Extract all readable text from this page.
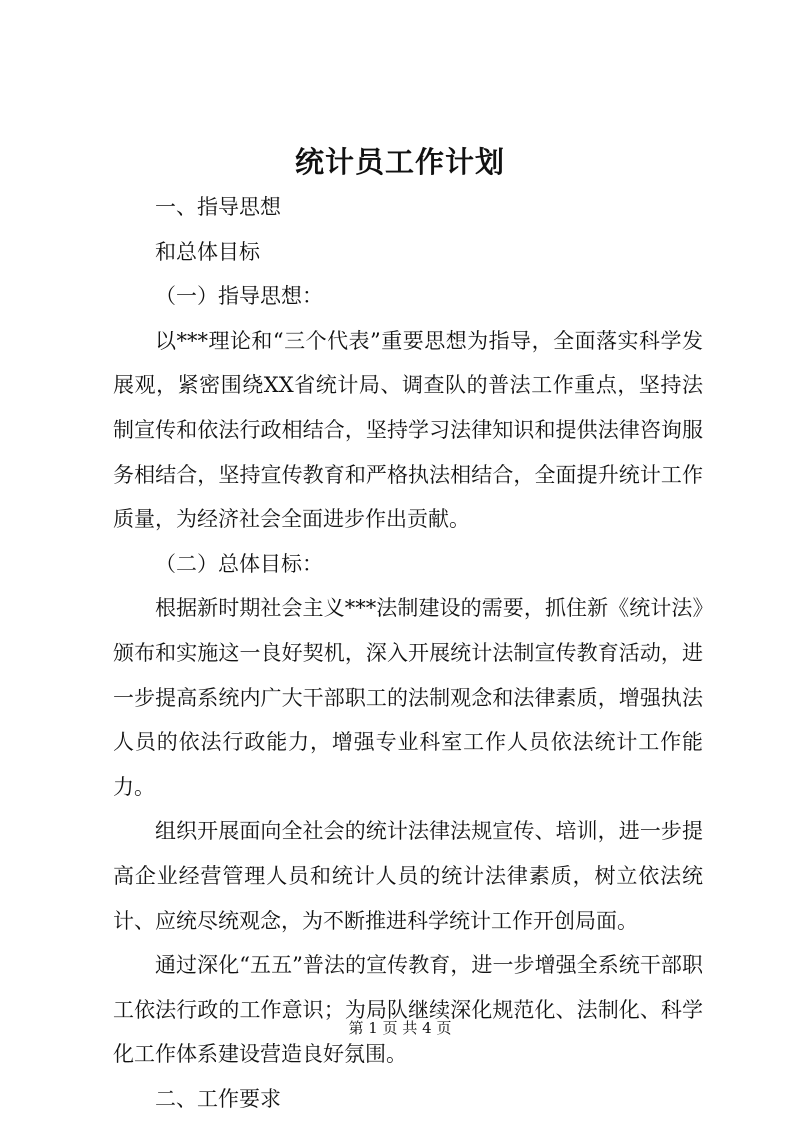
统计员工作计划

一、指导思想

和总体目标

（一）指导思想：

以***理论和“三个代表”重要思想为指导，全面落实科学发展观，紧密围绕XX省统计局、调查队的普法工作重点，坚持法制宣传和依法行政相结合，坚持学习法律知识和提供法律咨询服务相结合，坚持宣传教育和严格执法相结合，全面提升统计工作质量，为经济社会全面进步作出贡献。

（二）总体目标：

根据新时期社会主义***法制建设的需要，抓住新《统计法》颁布和实施这一良好契机，深入开展统计法制宣传教育活动，进一步提高系统内广大干部职工的法制观念和法律素质，增强执法人员的依法行政能力，增强专业科室工作人员依法统计工作能力。

组织开展面向全社会的统计法律法规宣传、培训，进一步提高企业经营管理人员和统计人员的统计法律素质，树立依法统计、应统尽统观念，为不断推进科学统计工作开创局面。

通过深化“五五”普法的宣传教育，进一步增强全系统干部职工依法行政的工作意识；为局队继续深化规范化、法制化、科学化工作体系建设营造良好氛围。

二、工作要求

第 1 页 共 4 页
